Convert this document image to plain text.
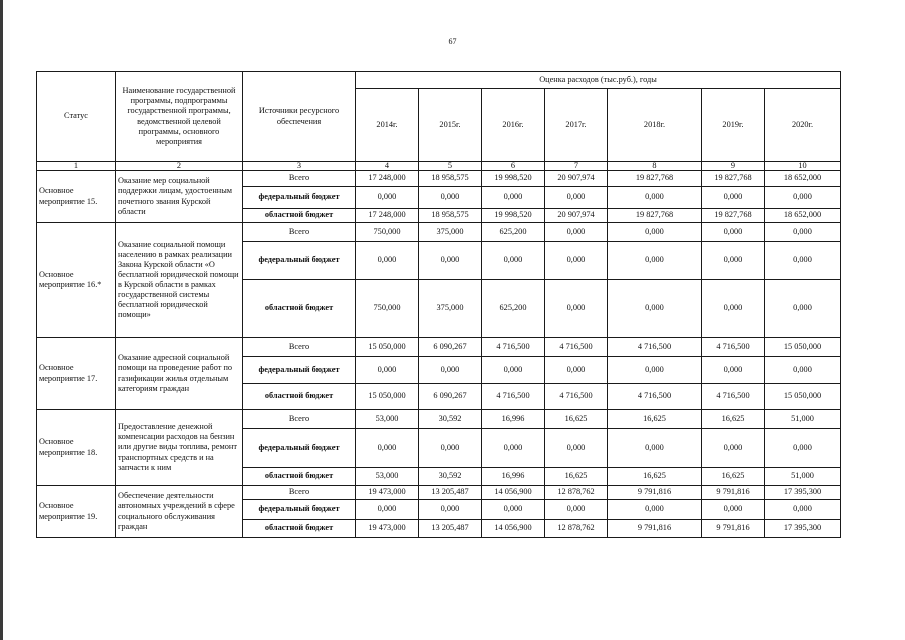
67
Статус	Наименование государственной программы, подпрограммы государственной программы, ведомственной целевой программы, основного мероприятия	Источники ресурсного обеспечения	Оценка расходов (тыс.руб.), годы						
			2014г.	2015г.	2016г.	2017г.	2018г.	2019г.	2020г.
1	2	3	4	5	6	7	8	9	10
Основное мероприятие 15.	Оказание мер социальной поддержки лицам, удостоенным почетного звания Курской области	Всего	17 248,000	18 958,575	19 998,520	20 907,974	19 827,768	19 827,768	18 652,000
		федеральный бюджет	0,000	0,000	0,000	0,000	0,000	0,000	0,000
		областной бюджет	17 248,000	18 958,575	19 998,520	20 907,974	19 827,768	19 827,768	18 652,000
Основное мероприятие 16.*	Оказание социальной помощи населению в рамках реализации Закона Курской области «О бесплатной юридической помощи в Курской области в рамках государственной системы бесплатной юридической помощи»	Всего	750,000	375,000	625,200	0,000	0,000	0,000	0,000
		федеральный бюджет	0,000	0,000	0,000	0,000	0,000	0,000	0,000
		областной бюджет	750,000	375,000	625,200	0,000	0,000	0,000	0,000
Основное мероприятие 17.	Оказание адресной социальной помощи на проведение работ по газификации жилья отдельным категориям граждан	Всего	15 050,000	6 090,267	4 716,500	4 716,500	4 716,500	4 716,500	15 050,000
		федеральный бюджет	0,000	0,000	0,000	0,000	0,000	0,000	0,000
		областной бюджет	15 050,000	6 090,267	4 716,500	4 716,500	4 716,500	4 716,500	15 050,000
Основное мероприятие 18.	Предоставление денежной компенсации расходов на бензин или другие виды топлива, ремонт транспортных средств и на запчасти к ним	Всего	53,000	30,592	16,996	16,625	16,625	16,625	51,000
		федеральный бюджет	0,000	0,000	0,000	0,000	0,000	0,000	0,000
		областной бюджет	53,000	30,592	16,996	16,625	16,625	16,625	51,000
Основное мероприятие 19.	Обеспечение деятельности автономных учреждений в сфере социального обслуживания граждан	Всего	19 473,000	13 205,487	14 056,900	12 878,762	9 791,816	9 791,816	17 395,300
		федеральный бюджет	0,000	0,000	0,000	0,000	0,000	0,000	0,000
		областной бюджет	19 473,000	13 205,487	14 056,900	12 878,762	9 791,816	9 791,816	17 395,300
